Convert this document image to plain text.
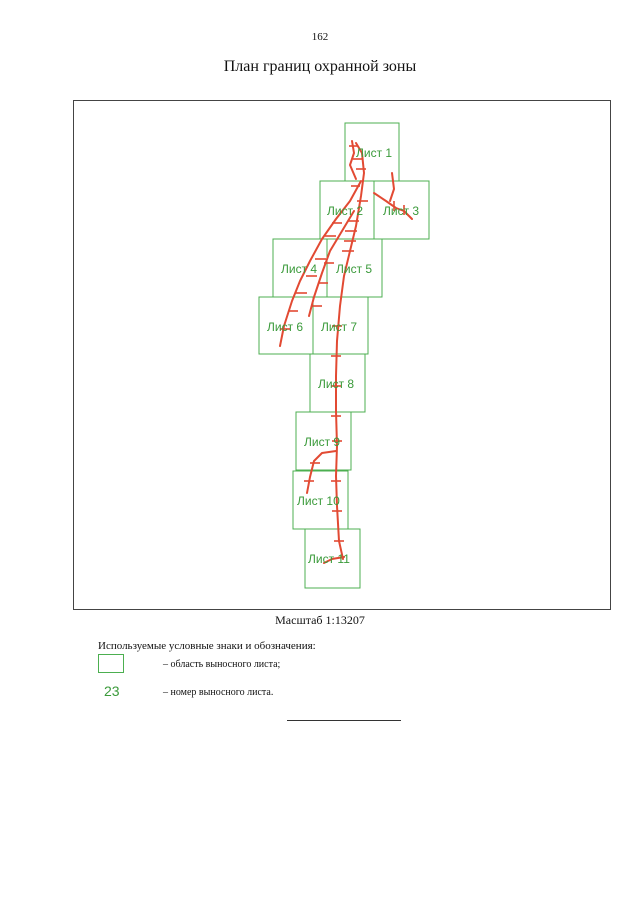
162
План границ охранной зоны
Лист 1
Лист 2 Лист 3
Лист 4 Лист 5
Лист 6 Лист 7
Лист 8
Лист 9
Лист 10
Лист 11
Масштаб 1:13207
Используемые условные знаки и обозначения:
– область выносного листа;
23	– номер выносного листа.
